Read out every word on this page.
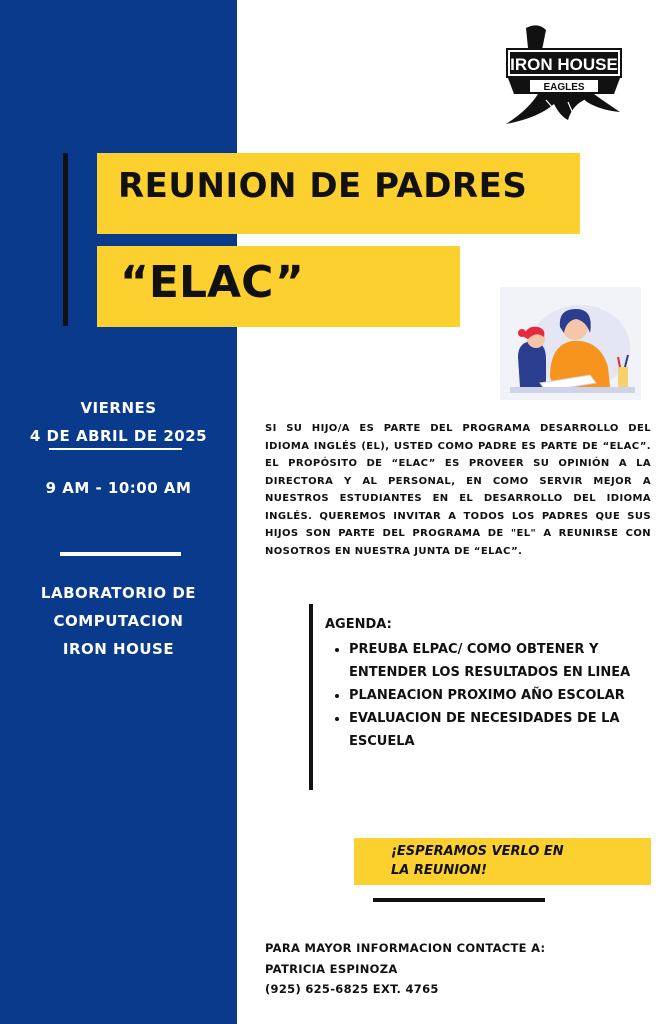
VIERNES
4 DE ABRIL DE 2025
9 AM - 10:00 AM
LABORATORIO DE
COMPUTACION
IRON HOUSE
REUNION DE PADRES
“ELAC”
IRON HOUSE
EAGLES
SI SU HIJO/A ES PARTE DEL PROGRAMA DESARROLLO DEL IDIOMA INGLÉS (EL), USTED COMO PADRE ES PARTE DE “ELAC”. EL PROPÓSITO DE “ELAC” ES PROVEER SU OPINIÓN A LA DIRECTORA Y AL PERSONAL, EN COMO SERVIR MEJOR A NUESTROS ESTUDIANTES EN EL DESARROLLO DEL IDIOMA INGLÉS. QUEREMOS INVITAR A TODOS LOS PADRES QUE SUS HIJOS SON PARTE DEL PROGRAMA DE "EL" A REUNIRSE CON NOSOTROS EN NUESTRA JUNTA DE “ELAC”.
AGENDA:
• PREUBA ELPAC/ COMO OBTENER Y ENTENDER LOS RESULTADOS EN LINEA
• PLANEACION PROXIMO AÑO ESCOLAR
• EVALUACION DE NECESIDADES DE LA ESCUELA
¡ESPERAMOS VERLO EN
LA REUNION!
PARA MAYOR INFORMACION CONTACTE A:
PATRICIA ESPINOZA
(925) 625-6825 EXT. 4765
